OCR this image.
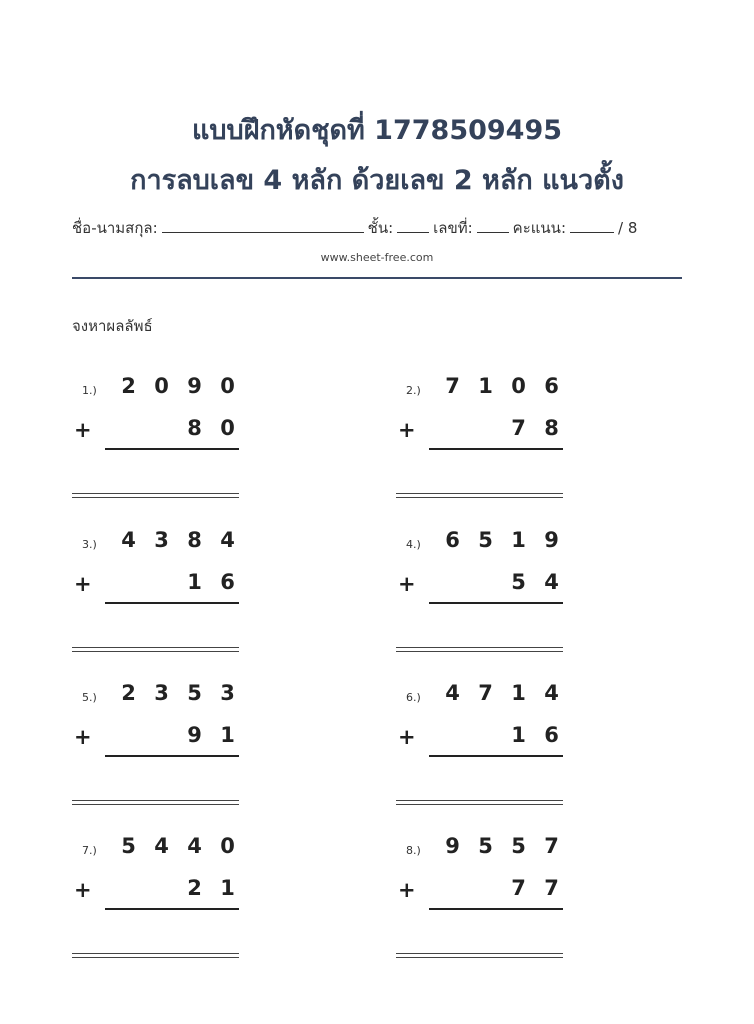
แบบฝึกหัดชุดที่ 1778509495
การลบเลข 4 หลัก ด้วยเลข 2 หลัก แนวตั้ง
ชื่อ-นามสกุล:	ชั้น:	เลขที่:	คะแนน:	/ 8
www.sheet-free.com
จงหาผลลัพธ์
1.)	2 0 9 0
+	8 0
2.)	7 1 0 6
+	7 8
3.)	4 3 8 4
+	1 6
4.)	6 5 1 9
+	5 4
5.)	2 3 5 3
+	9 1
6.)	4 7 1 4
+	1 6
7.)	5 4 4 0
+	2 1
8.)	9 5 5 7
+	7 7
